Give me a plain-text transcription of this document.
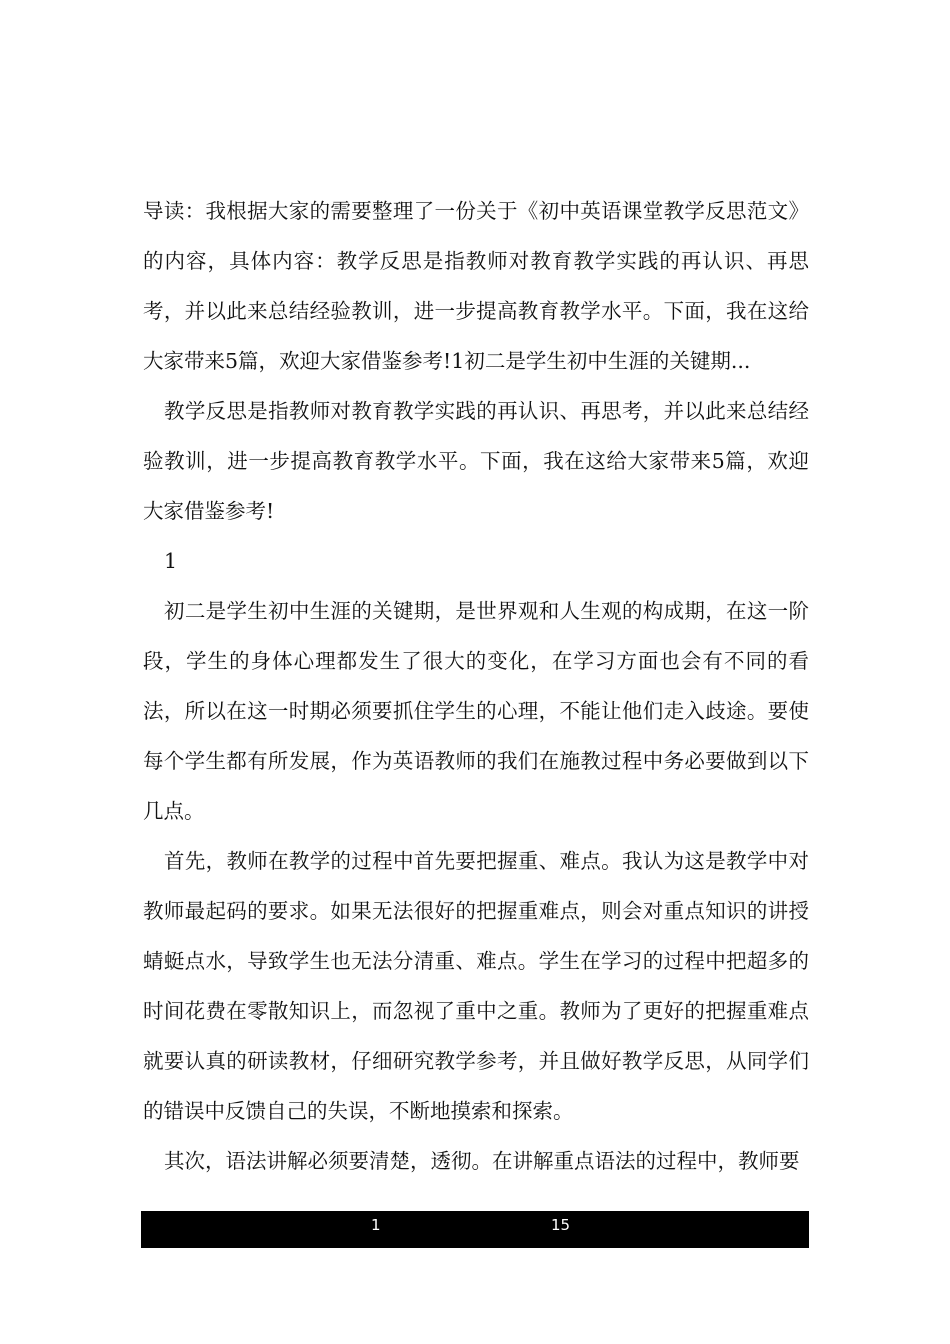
导读：我根据大家的需要整理了一份关于《初中英语课堂教学反思范文》的内容，具体内容：教学反思是指教师对教育教学实践的再认识、再思考，并以此来总结经验教训，进一步提高教育教学水平。下面，我在这给大家带来5篇，欢迎大家借鉴参考!1初二是学生初中生涯的关键期...

教学反思是指教师对教育教学实践的再认识、再思考，并以此来总结经验教训，进一步提高教育教学水平。下面，我在这给大家带来5篇，欢迎大家借鉴参考!

1

初二是学生初中生涯的关键期，是世界观和人生观的构成期，在这一阶段，学生的身体心理都发生了很大的变化，在学习方面也会有不同的看法，所以在这一时期必须要抓住学生的心理，不能让他们走入歧途。要使每个学生都有所发展，作为英语教师的我们在施教过程中务必要做到以下几点。

首先，教师在教学的过程中首先要把握重、难点。我认为这是教学中对教师最起码的要求。如果无法很好的把握重难点，则会对重点知识的讲授蜻蜓点水，导致学生也无法分清重、难点。学生在学习的过程中把超多的时间花费在零散知识上，而忽视了重中之重。教师为了更好的把握重难点就要认真的研读教材，仔细研究教学参考，并且做好教学反思，从同学们的错误中反馈自己的失误，不断地摸索和探索。

其次，语法讲解必须要清楚，透彻。在讲解重点语法的过程中，教师要

1	15
